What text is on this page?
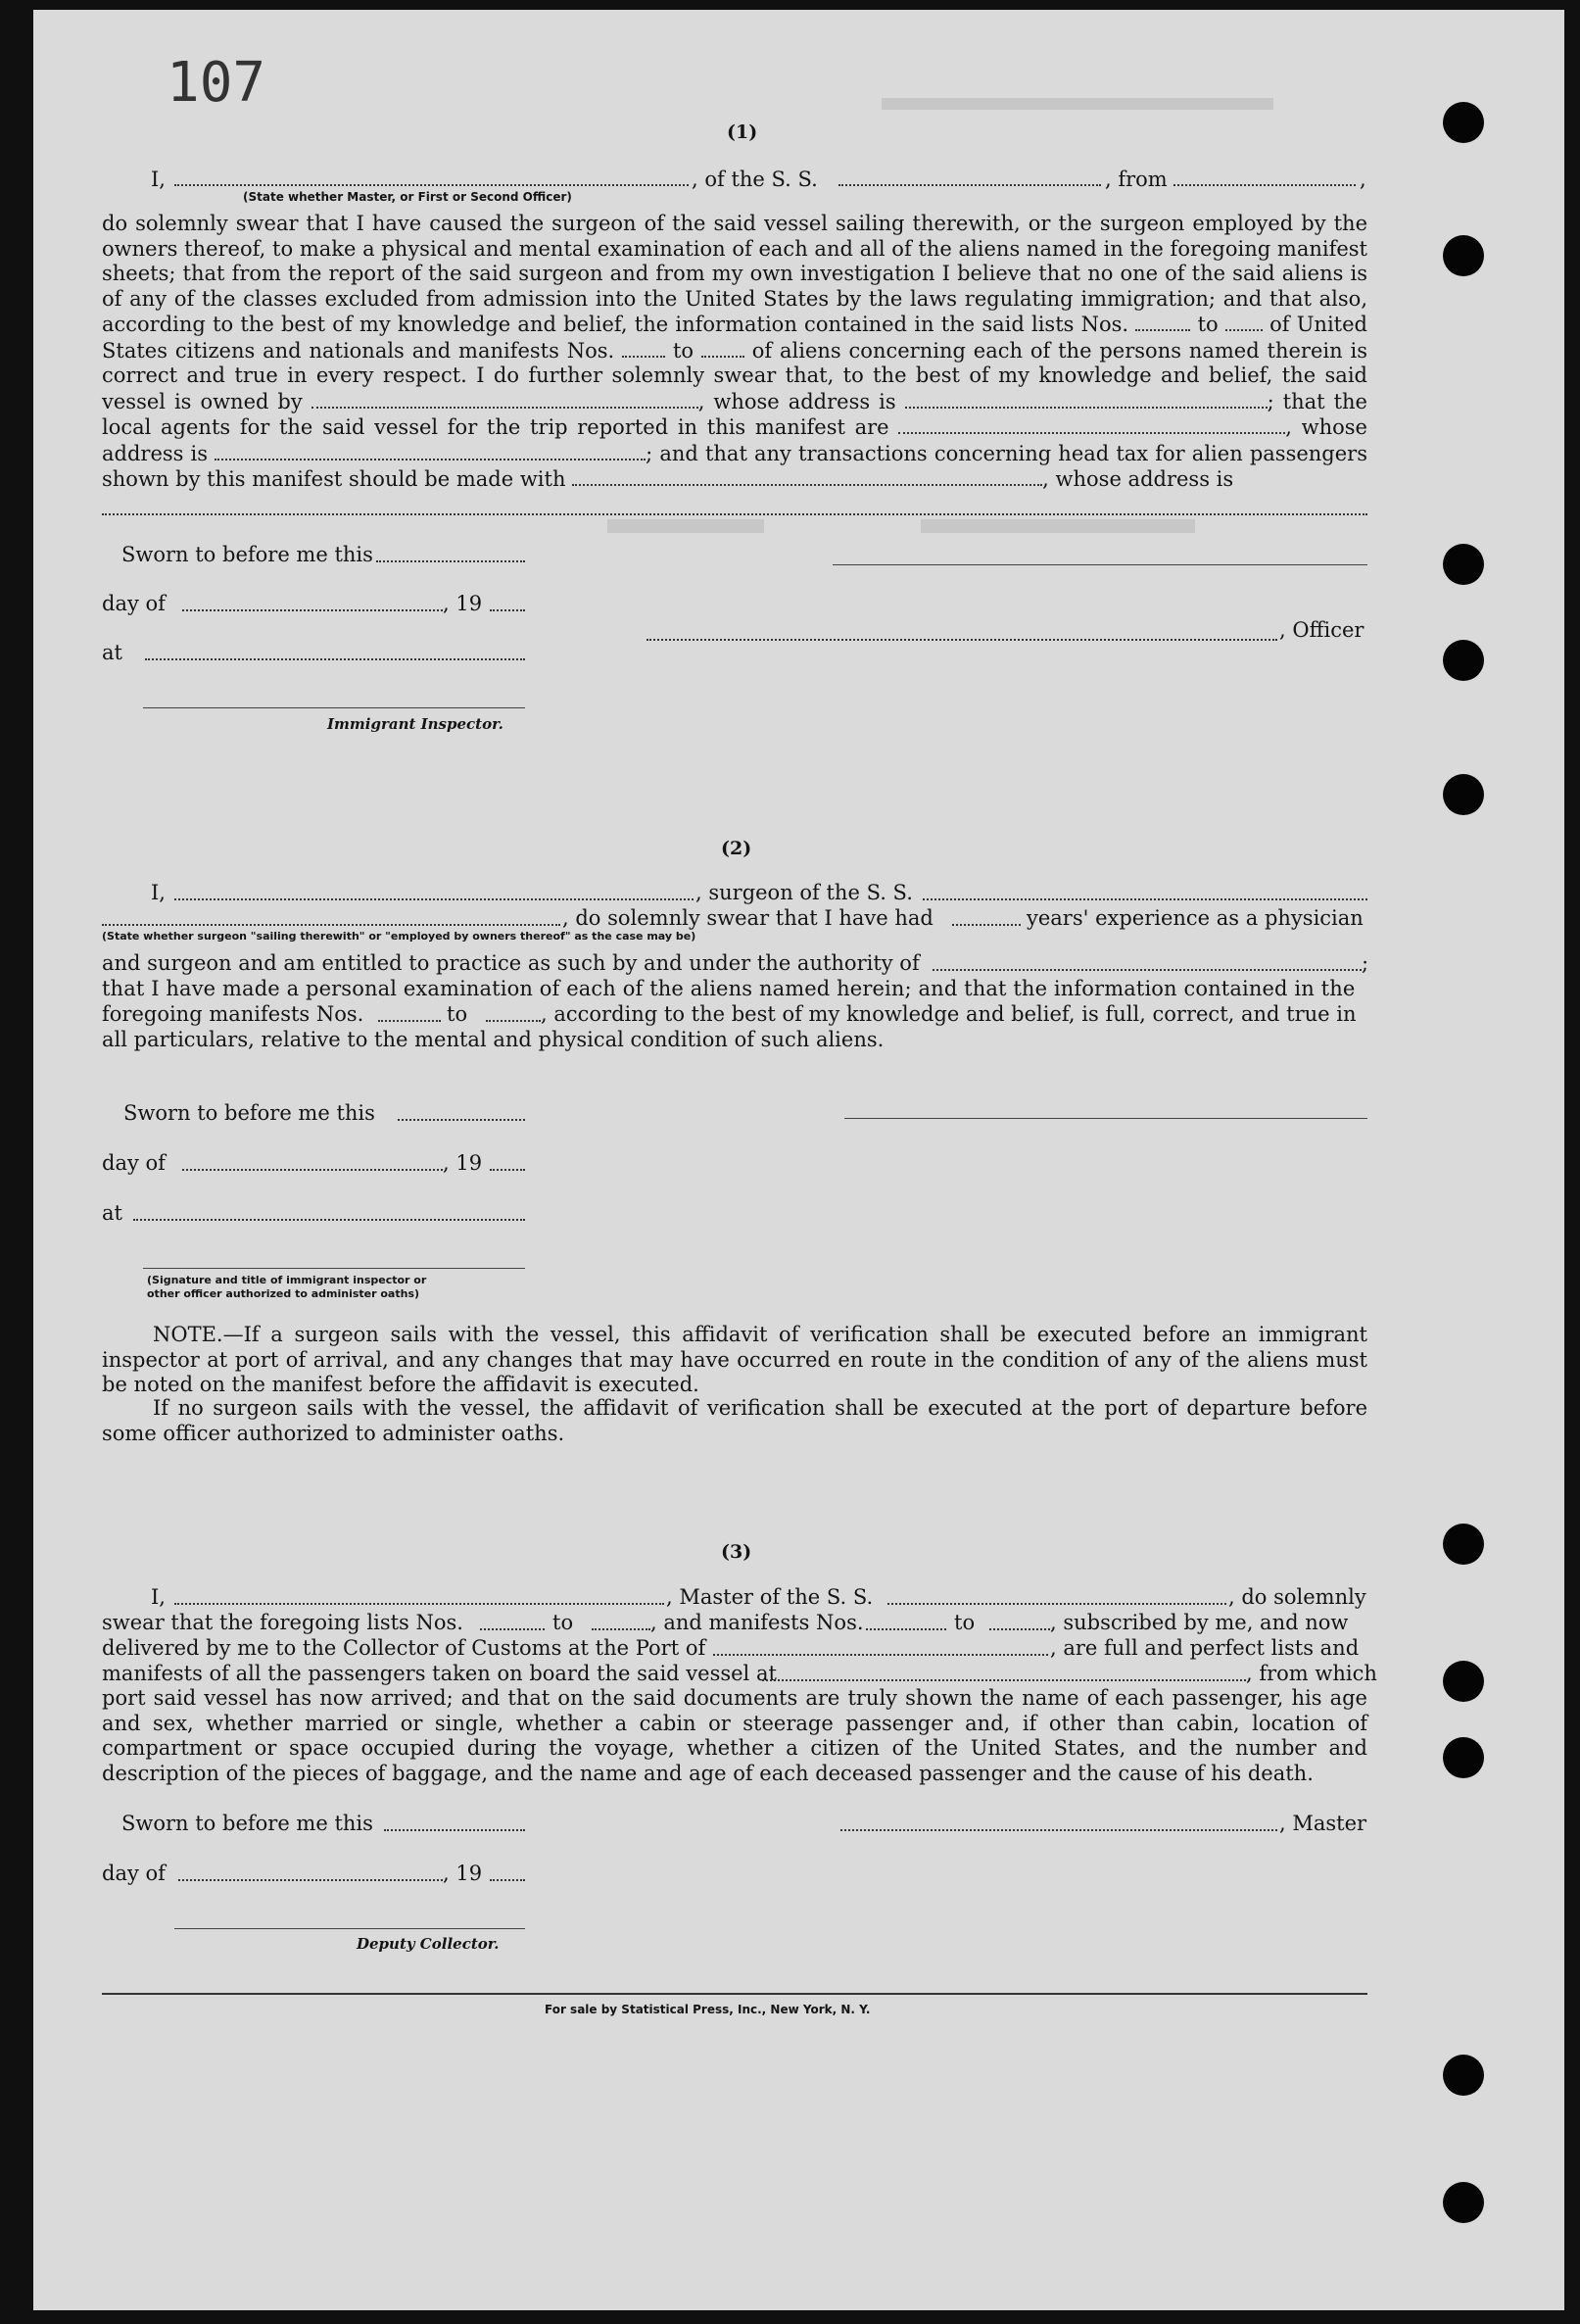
107
(1)
I,	, of the S. S.	, from	,
(State whether Master, or First or Second Officer)
do solemnly swear that I have caused the surgeon of the said vessel sailing therewith, or the surgeon employed by the owners thereof, to make a physical and mental examination of each and all of the aliens named in the foregoing manifest sheets; that from the report of the said surgeon and from my own investigation I believe that no one of the said aliens is of any of the classes excluded from admission into the United States by the laws regulating immigration; and that also, according to the best of my knowledge and belief, the information contained in the said lists Nos.	to of United States citizens and nationals and manifests Nos.	to	of aliens concerning each of the persons named therein is correct and true in every respect. I do further solemnly swear that, to the best of my knowledge and belief, the said vessel is owned by	, whose address is	; that the local agents for the said vessel for the trip reported in this manifest are	, whose address is	; and that any transactions concerning head tax for alien passengers shown by this manifest should be made with	, whose address is
Sworn to before me this
day of	, 19
at
, Officer
Immigrant Inspector.
(2)
I,	, surgeon of the S. S.
, do solemnly swear that I have had	years' experience as a physician
(State whether surgeon "sailing therewith" or "employed by owners thereof" as the case may be)
and surgeon and am entitled to practice as such by and under the authority of	;
that I have made a personal examination of each of the aliens named herein; and that the information contained in the
foregoing manifests Nos.	to	, according to the best of my knowledge and belief, is full, correct, and true in
all particulars, relative to the mental and physical condition of such aliens.
Sworn to before me this
day of	, 19
at
(Signature and title of immigrant inspector or
other officer authorized to administer oaths)
NOTE.—If a surgeon sails with the vessel, this affidavit of verification shall be executed before an immigrant inspector at port of arrival, and any changes that may have occurred en route in the condition of any of the aliens must be noted on the manifest before the affidavit is executed.
If no surgeon sails with the vessel, the affidavit of verification shall be executed at the port of departure before some officer authorized to administer oaths.
(3)
I,	, Master of the S. S.	, do solemnly
swear that the foregoing lists Nos.	to	, and manifests Nos.	to	, subscribed by me, and now
delivered by me to the Collector of Customs at the Port of	, are full and perfect lists and
manifests of all the passengers taken on board the said vessel at	, from which
port said vessel has now arrived; and that on the said documents are truly shown the name of each passenger, his age and sex, whether married or single, whether a cabin or steerage passenger and, if other than cabin, location of compartment or space occupied during the voyage, whether a citizen of the United States, and the number and description of the pieces of baggage, and the name and age of each deceased passenger and the cause of his death.
Sworn to before me this	, Master
day of	, 19
Deputy Collector.
For sale by Statistical Press, Inc., New York, N. Y.
